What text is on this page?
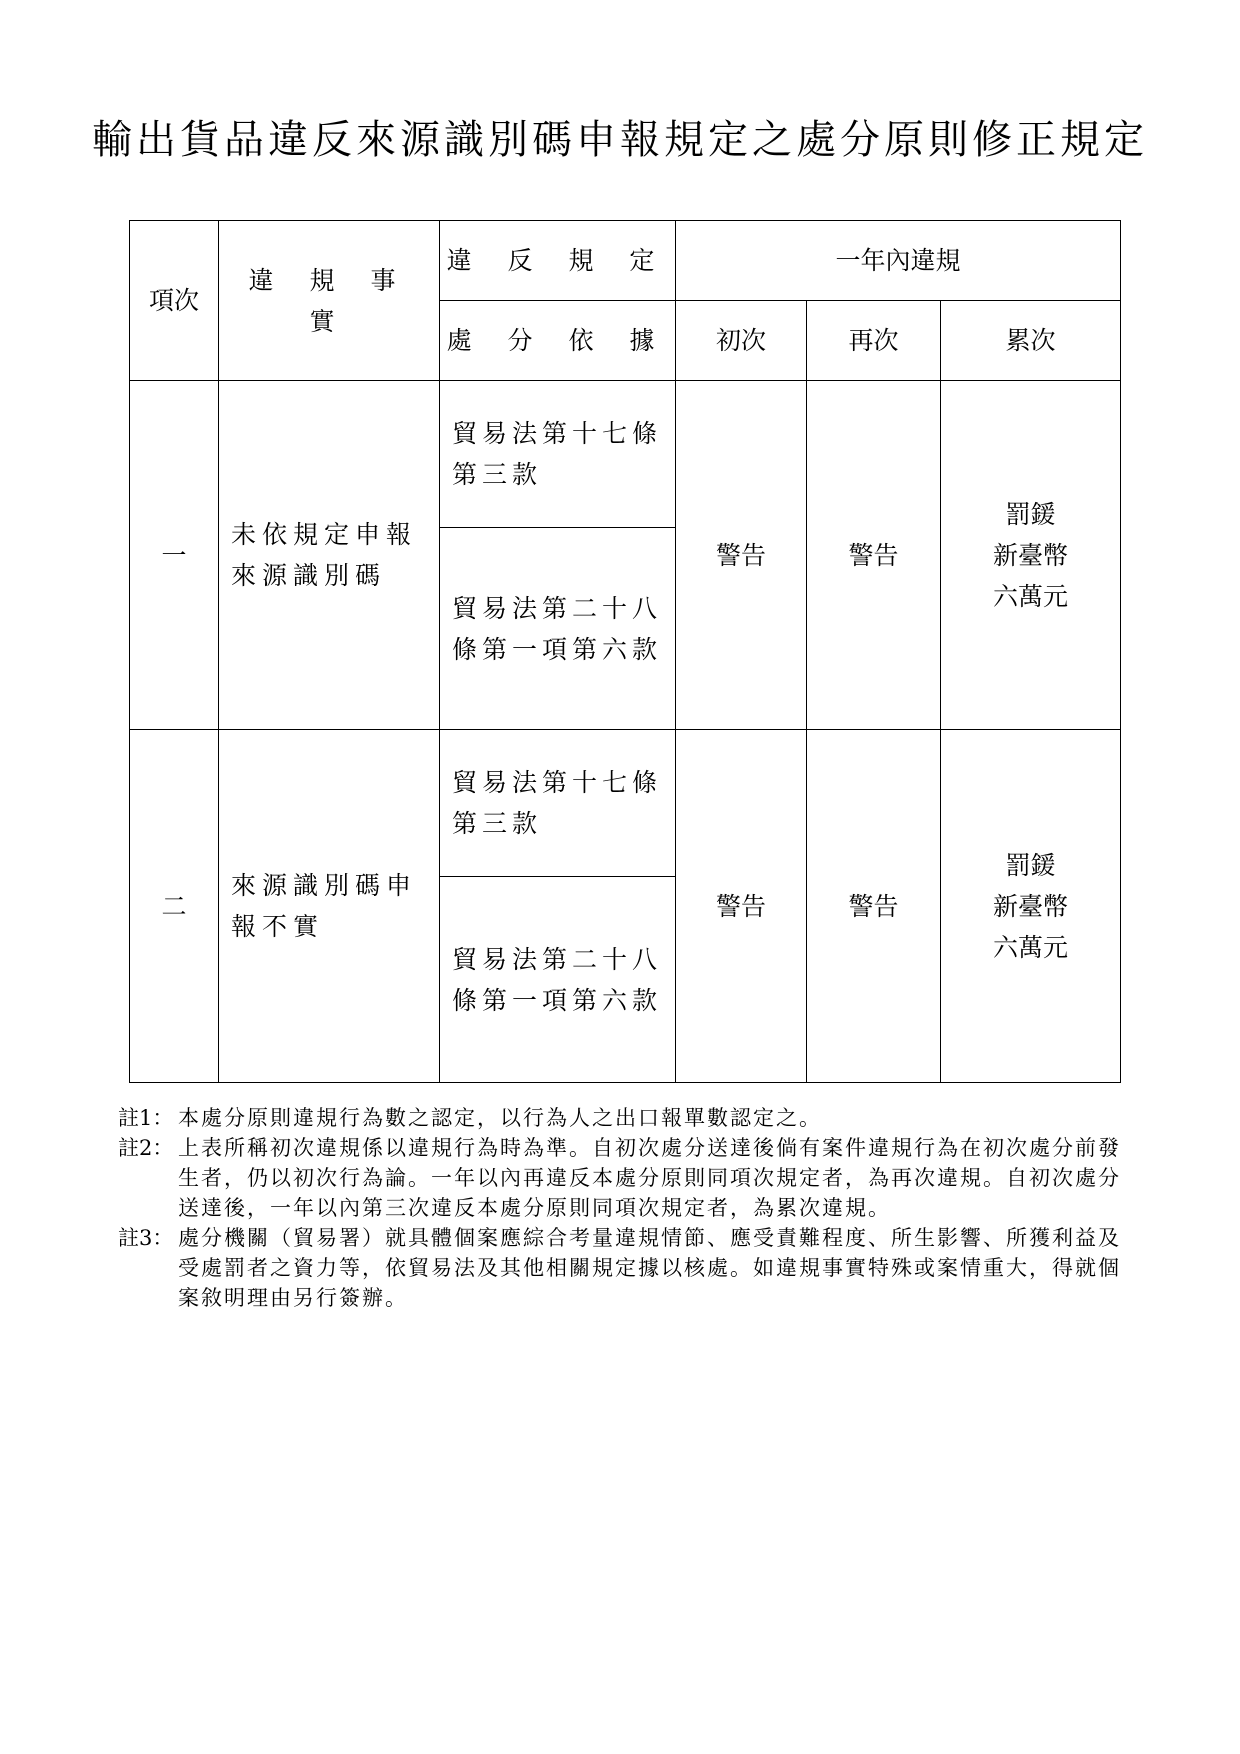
輸出貨品違反來源識別碼申報規定之處分原則修正規定
項次	違 規 事 實	違 反 規 定	一年內違規		
		處 分 依 據	初次	再次	累次
一	未依規定申報來源識別碼	貿易法第十七條第三款	警告	警告	罰鍰
新臺幣
六萬元

		貿易法第二十八條第一項第六款			
二	來源識別碼申報不實	貿易法第十七條第三款	警告	警告	罰鍰
新臺幣
六萬元

		貿易法第二十八條第一項第六款			
註1： 本處分原則違規行為數之認定，以行為人之出口報單數認定之。
註2： 上表所稱初次違規係以違規行為時為準。自初次處分送達後倘有案件違規行為在初次處分前發生者，仍以初次行為論。一年以內再違反本處分原則同項次規定者，為再次違規。自初次處分送達後，一年以內第三次違反本處分原則同項次規定者，為累次違規。
註3： 處分機關（貿易署）就具體個案應綜合考量違規情節、應受責難程度、所生影響、所獲利益及受處罰者之資力等，依貿易法及其他相關規定據以核處。如違規事實特殊或案情重大，得就個案敘明理由另行簽辦。
